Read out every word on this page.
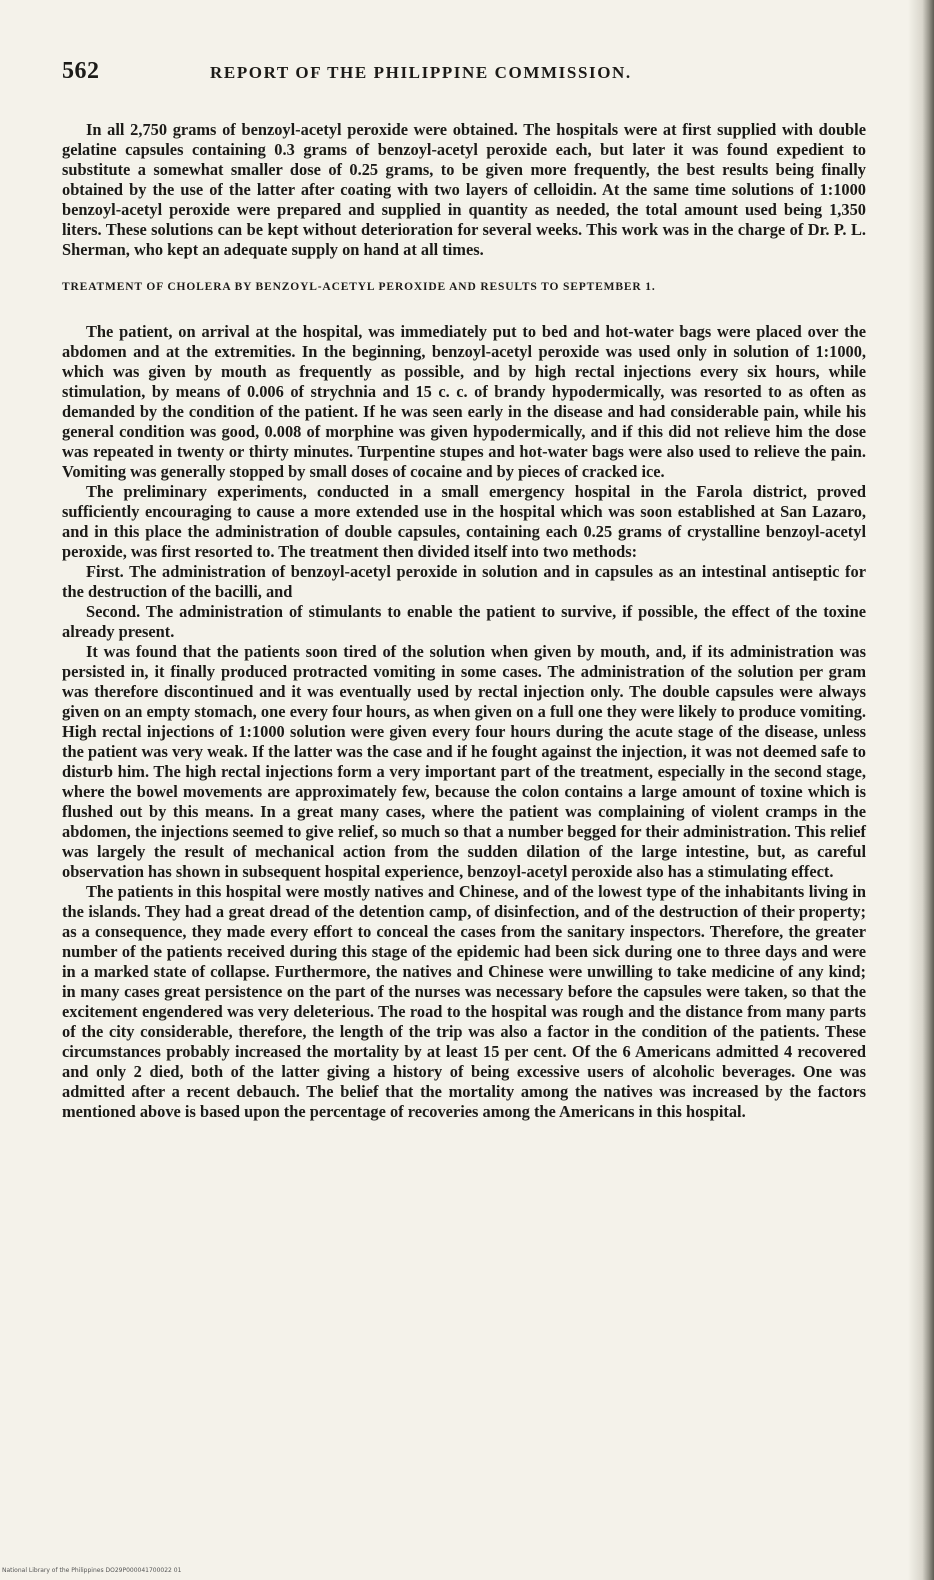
562	REPORT OF THE PHILIPPINE COMMISSION.

In all 2,750 grams of benzoyl-acetyl peroxide were obtained. The hospitals were at first supplied with double gelatine capsules containing 0.3 grams of benzoyl-acetyl peroxide each, but later it was found expedient to substitute a somewhat smaller dose of 0.25 grams, to be given more frequently, the best results being finally obtained by the use of the latter after coating with two layers of celloidin. At the same time solutions of 1:1000 benzoyl-acetyl peroxide were prepared and supplied in quantity as needed, the total amount used being 1,350 liters. These solutions can be kept without deterioration for several weeks. This work was in the charge of Dr. P. L. Sherman, who kept an adequate supply on hand at all times.

TREATMENT OF CHOLERA BY BENZOYL-ACETYL PEROXIDE AND RESULTS TO SEPTEMBER 1.

The patient, on arrival at the hospital, was immediately put to bed and hot-water bags were placed over the abdomen and at the extremities. In the beginning, benzoyl-acetyl peroxide was used only in solution of 1:1000, which was given by mouth as frequently as possible, and by high rectal injections every six hours, while stimulation, by means of 0.006 of strychnia and 15 c. c. of brandy hypodermically, was resorted to as often as demanded by the condition of the patient. If he was seen early in the disease and had considerable pain, while his general condition was good, 0.008 of morphine was given hypodermically, and if this did not relieve him the dose was repeated in twenty or thirty minutes. Turpentine stupes and hot-water bags were also used to relieve the pain. Vomiting was generally stopped by small doses of cocaine and by pieces of cracked ice.

The preliminary experiments, conducted in a small emergency hospital in the Farola district, proved sufficiently encouraging to cause a more extended use in the hospital which was soon established at San Lazaro, and in this place the administration of double capsules, containing each 0.25 grams of crystalline benzoyl-acetyl peroxide, was first resorted to. The treatment then divided itself into two methods:

First. The administration of benzoyl-acetyl peroxide in solution and in capsules as an intestinal antiseptic for the destruction of the bacilli, and

Second. The administration of stimulants to enable the patient to survive, if possible, the effect of the toxine already present.

It was found that the patients soon tired of the solution when given by mouth, and, if its administration was persisted in, it finally produced protracted vomiting in some cases. The administration of the solution per gram was therefore discontinued and it was eventually used by rectal injection only. The double capsules were always given on an empty stomach, one every four hours, as when given on a full one they were likely to produce vomiting. High rectal injections of 1:1000 solution were given every four hours during the acute stage of the disease, unless the patient was very weak. If the latter was the case and if he fought against the injection, it was not deemed safe to disturb him. The high rectal injections form a very important part of the treatment, especially in the second stage, where the bowel movements are approximately few, because the colon contains a large amount of toxine which is flushed out by this means. In a great many cases, where the patient was complaining of violent cramps in the abdomen, the injections seemed to give relief, so much so that a number begged for their administration. This relief was largely the result of mechanical action from the sudden dilation of the large intestine, but, as careful observation has shown in subsequent hospital experience, benzoyl-acetyl peroxide also has a stimulating effect.

The patients in this hospital were mostly natives and Chinese, and of the lowest type of the inhabitants living in the islands. They had a great dread of the detention camp, of disinfection, and of the destruction of their property; as a consequence, they made every effort to conceal the cases from the sanitary inspectors. Therefore, the greater number of the patients received during this stage of the epidemic had been sick during one to three days and were in a marked state of collapse. Furthermore, the natives and Chinese were unwilling to take medicine of any kind; in many cases great persistence on the part of the nurses was necessary before the capsules were taken, so that the excitement engendered was very deleterious. The road to the hospital was rough and the distance from many parts of the city considerable, therefore, the length of the trip was also a factor in the condition of the patients. These circumstances probably increased the mortality by at least 15 per cent. Of the 6 Americans admitted 4 recovered and only 2 died, both of the latter giving a history of being excessive users of alcoholic beverages. One was admitted after a recent debauch. The belief that the mortality among the natives was increased by the factors mentioned above is based upon the percentage of recoveries among the Americans in this hospital.

National Library of the Philippines DO29P000041700022 01
